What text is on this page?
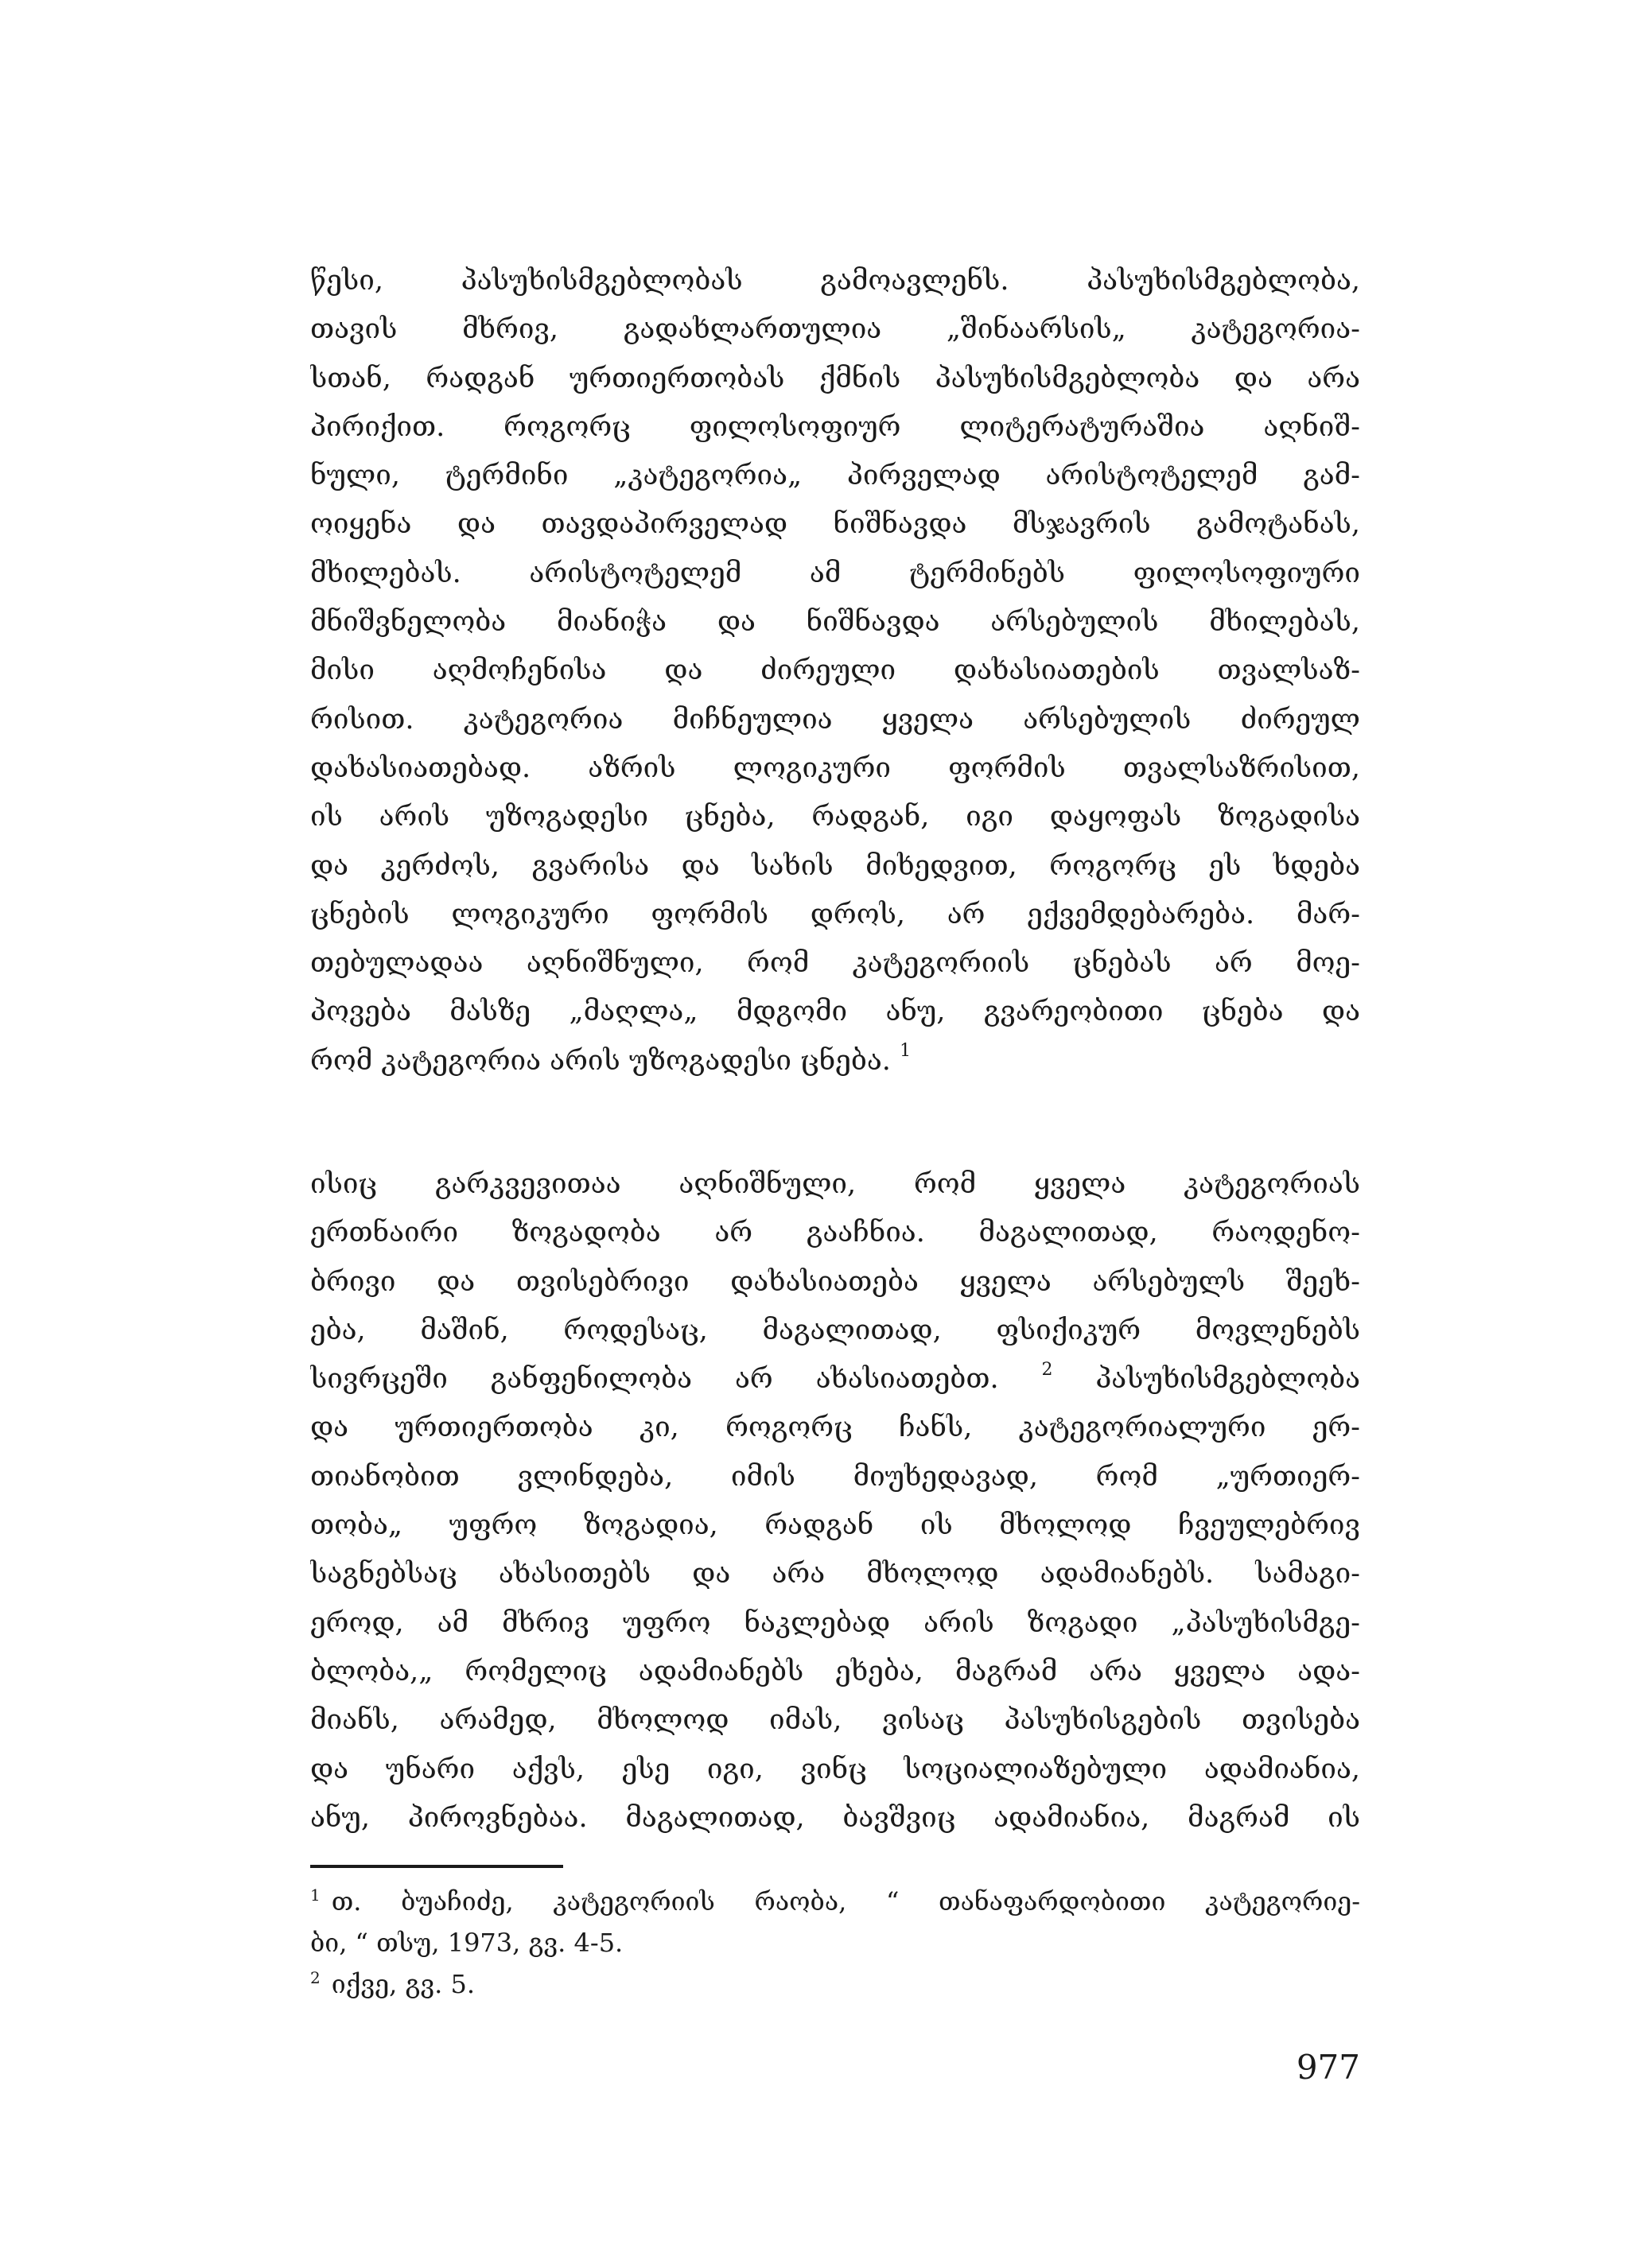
წესი, პასუხისმგებლობას გამოავლენს. პასუხისმგებლობა,
თავის მხრივ, გადახლართულია „შინაარსის„ კატეგორია-
სთან, რადგან ურთიერთობას ქმნის პასუხისმგებლობა და არა
პირიქით. როგორც ფილოსოფიურ ლიტერატურაშია აღნიშ-
ნული, ტერმინი „კატეგორია„ პირველად არისტოტელემ გამ-
ოიყენა და თავდაპირველად ნიშნავდა მსჯავრის გამოტანას,
მხილებას. არისტოტელემ ამ ტერმინებს ფილოსოფიური
მნიშვნელობა მიანიჭა და ნიშნავდა არსებულის მხილებას,
მისი აღმოჩენისა და ძირეული დახასიათების თვალსაზ-
რისით. კატეგორია მიჩნეულია ყველა არსებულის ძირეულ
დახასიათებად. აზრის ლოგიკური ფორმის თვალსაზრისით,
ის არის უზოგადესი ცნება, რადგან, იგი დაყოფას ზოგადისა
და კერძოს, გვარისა და სახის მიხედვით, როგორც ეს ხდება
ცნების ლოგიკური ფორმის დროს, არ ექვემდებარება. მარ-
თებულადაა აღნიშნული, რომ კატეგორიის ცნებას არ მოე-
პოვება მასზე „მაღლა„ მდგომი ანუ, გვარეობითი ცნება და
რომ კატეგორია არის უზოგადესი ცნება. $^1$
ისიც გარკვევითაა აღნიშნული, რომ ყველა კატეგორიას
ერთნაირი ზოგადობა არ გააჩნია. მაგალითად, რაოდენო-
ბრივი და თვისებრივი დახასიათება ყველა არსებულს შეეხ-
ება, მაშინ, როდესაც, მაგალითად, ფსიქიკურ მოვლენებს
სივრცეში განფენილობა არ ახასიათებთ. $^2$ პასუხისმგებლობა
და ურთიერთობა კი, როგორც ჩანს, კატეგორიალური ერ-
თიანობით ვლინდება, იმის მიუხედავად, რომ „ურთიერ-
თობა„ უფრო ზოგადია, რადგან ის მხოლოდ ჩვეულებრივ
საგნებსაც ახასითებს და არა მხოლოდ ადამიანებს. სამაგი-
ეროდ, ამ მხრივ უფრო ნაკლებად არის ზოგადი „პასუხისმგე-
ბლობა,„ რომელიც ადამიანებს ეხება, მაგრამ არა ყველა ადა-
მიანს, არამედ, მხოლოდ იმას, ვისაც პასუხისგების თვისება
და უნარი აქვს, ესე იგი, ვინც სოციალიაზებული ადამიანია,
ანუ, პიროვნებაა. მაგალითად, ბავშვიც ადამიანია, მაგრამ ის
$^1$ თ. ბუაჩიძე, კატეგორიის რაობა, “ თანაფარდობითი კატეგორიე-
ბი, “ თსუ, 1973, გვ. 4-5.
$^2$ იქვე, გვ. 5.
977
